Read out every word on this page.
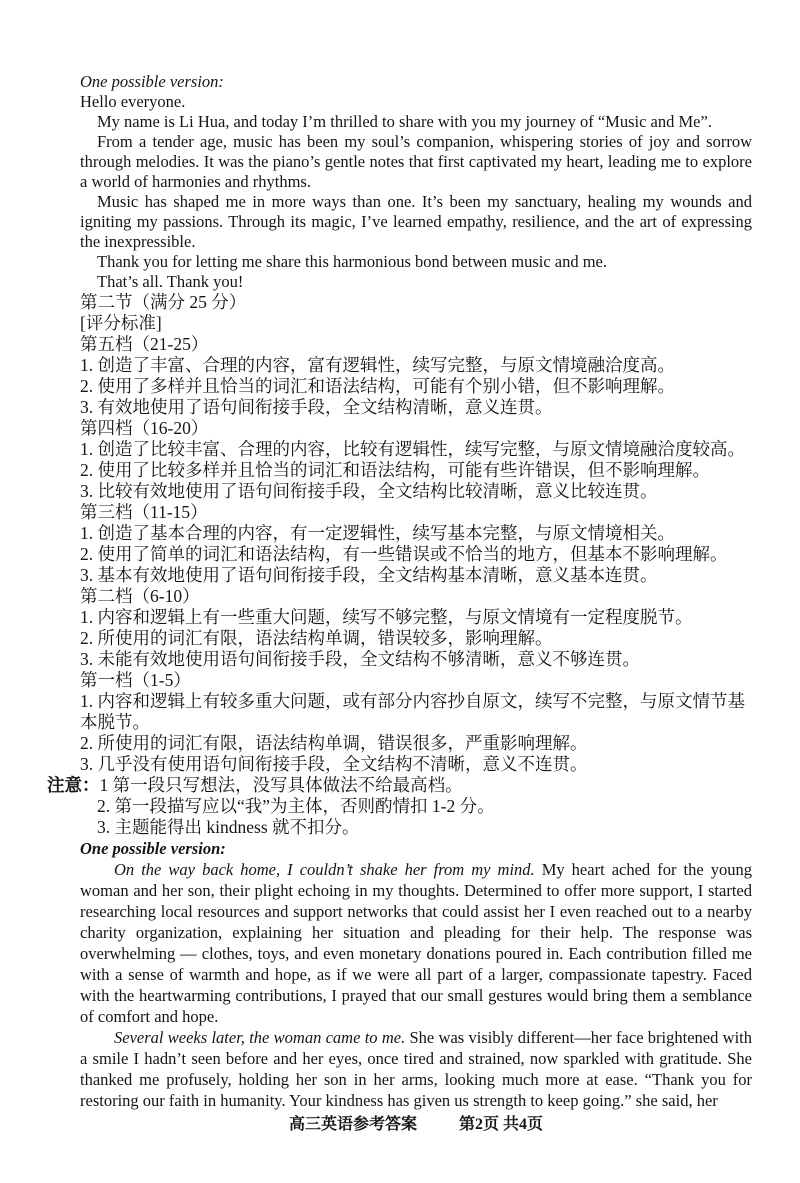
One possible version:

Hello everyone.

My name is Li Hua, and today I’m thrilled to share with you my journey of “Music and Me”.

From a tender age, music has been my soul’s companion, whispering stories of joy and sorrow through melodies. It was the piano’s gentle notes that first captivated my heart, leading me to explore a world of harmonies and rhythms.

Music has shaped me in more ways than one. It’s been my sanctuary, healing my wounds and igniting my passions. Through its magic, I’ve learned empathy, resilience, and the art of expressing the inexpressible.

Thank you for letting me share this harmonious bond between music and me.

That’s all. Thank you!

第二节（满分 25 分）

[评分标准]

第五档（21-25）

1. 创造了丰富、合理的内容，富有逻辑性，续写完整，与原文情境融洽度高。

2. 使用了多样并且恰当的词汇和语法结构，可能有个别小错，但不影响理解。

3. 有效地使用了语句间衔接手段，全文结构清晰，意义连贯。

第四档（16-20）

1. 创造了比较丰富、合理的内容，比较有逻辑性，续写完整，与原文情境融洽度较高。

2. 使用了比较多样并且恰当的词汇和语法结构，可能有些许错误，但不影响理解。

3. 比较有效地使用了语句间衔接手段，全文结构比较清晰，意义比较连贯。

第三档（11-15）

1. 创造了基本合理的内容，有一定逻辑性，续写基本完整，与原文情境相关。

2. 使用了简单的词汇和语法结构，有一些错误或不恰当的地方，但基本不影响理解。

3. 基本有效地使用了语句间衔接手段，全文结构基本清晰，意义基本连贯。

第二档（6-10）

1. 内容和逻辑上有一些重大问题，续写不够完整，与原文情境有一定程度脱节。

2. 所使用的词汇有限，语法结构单调，错误较多，影响理解。

3. 未能有效地使用语句间衔接手段，全文结构不够清晰，意义不够连贯。

第一档（1-5）

1. 内容和逻辑上有较多重大问题，或有部分内容抄自原文，续写不完整，与原文情节基本脱节。

2. 所使用的词汇有限，语法结构单调，错误很多，严重影响理解。

3. 几乎没有使用语句间衔接手段，全文结构不清晰，意义不连贯。

注意：1 第一段只写想法，没写具体做法不给最高档。

2. 第一段描写应以“我”为主体，否则酌情扣 1-2 分。

3. 主题能得出 kindness 就不扣分。

One possible version:

On the way back home, I couldn’t shake her from my mind. My heart ached for the young woman and her son, their plight echoing in my thoughts. Determined to offer more support, I started researching local resources and support networks that could assist her I even reached out to a nearby charity organization, explaining her situation and pleading for their help. The response was overwhelming — clothes, toys, and even monetary donations poured in. Each contribution filled me with a sense of warmth and hope, as if we were all part of a larger, compassionate tapestry. Faced with the heartwarming contributions, I prayed that our small gestures would bring them a semblance of comfort and hope.

Several weeks later, the woman came to me. She was visibly different—her face brightened with a smile I hadn’t seen before and her eyes, once tired and strained, now sparkled with gratitude. She thanked me profusely, holding her son in her arms, looking much more at ease. “Thank you for restoring our faith in humanity. Your kindness has given us strength to keep going.” she said, her

高三英语参考答案	第2页 共4页
